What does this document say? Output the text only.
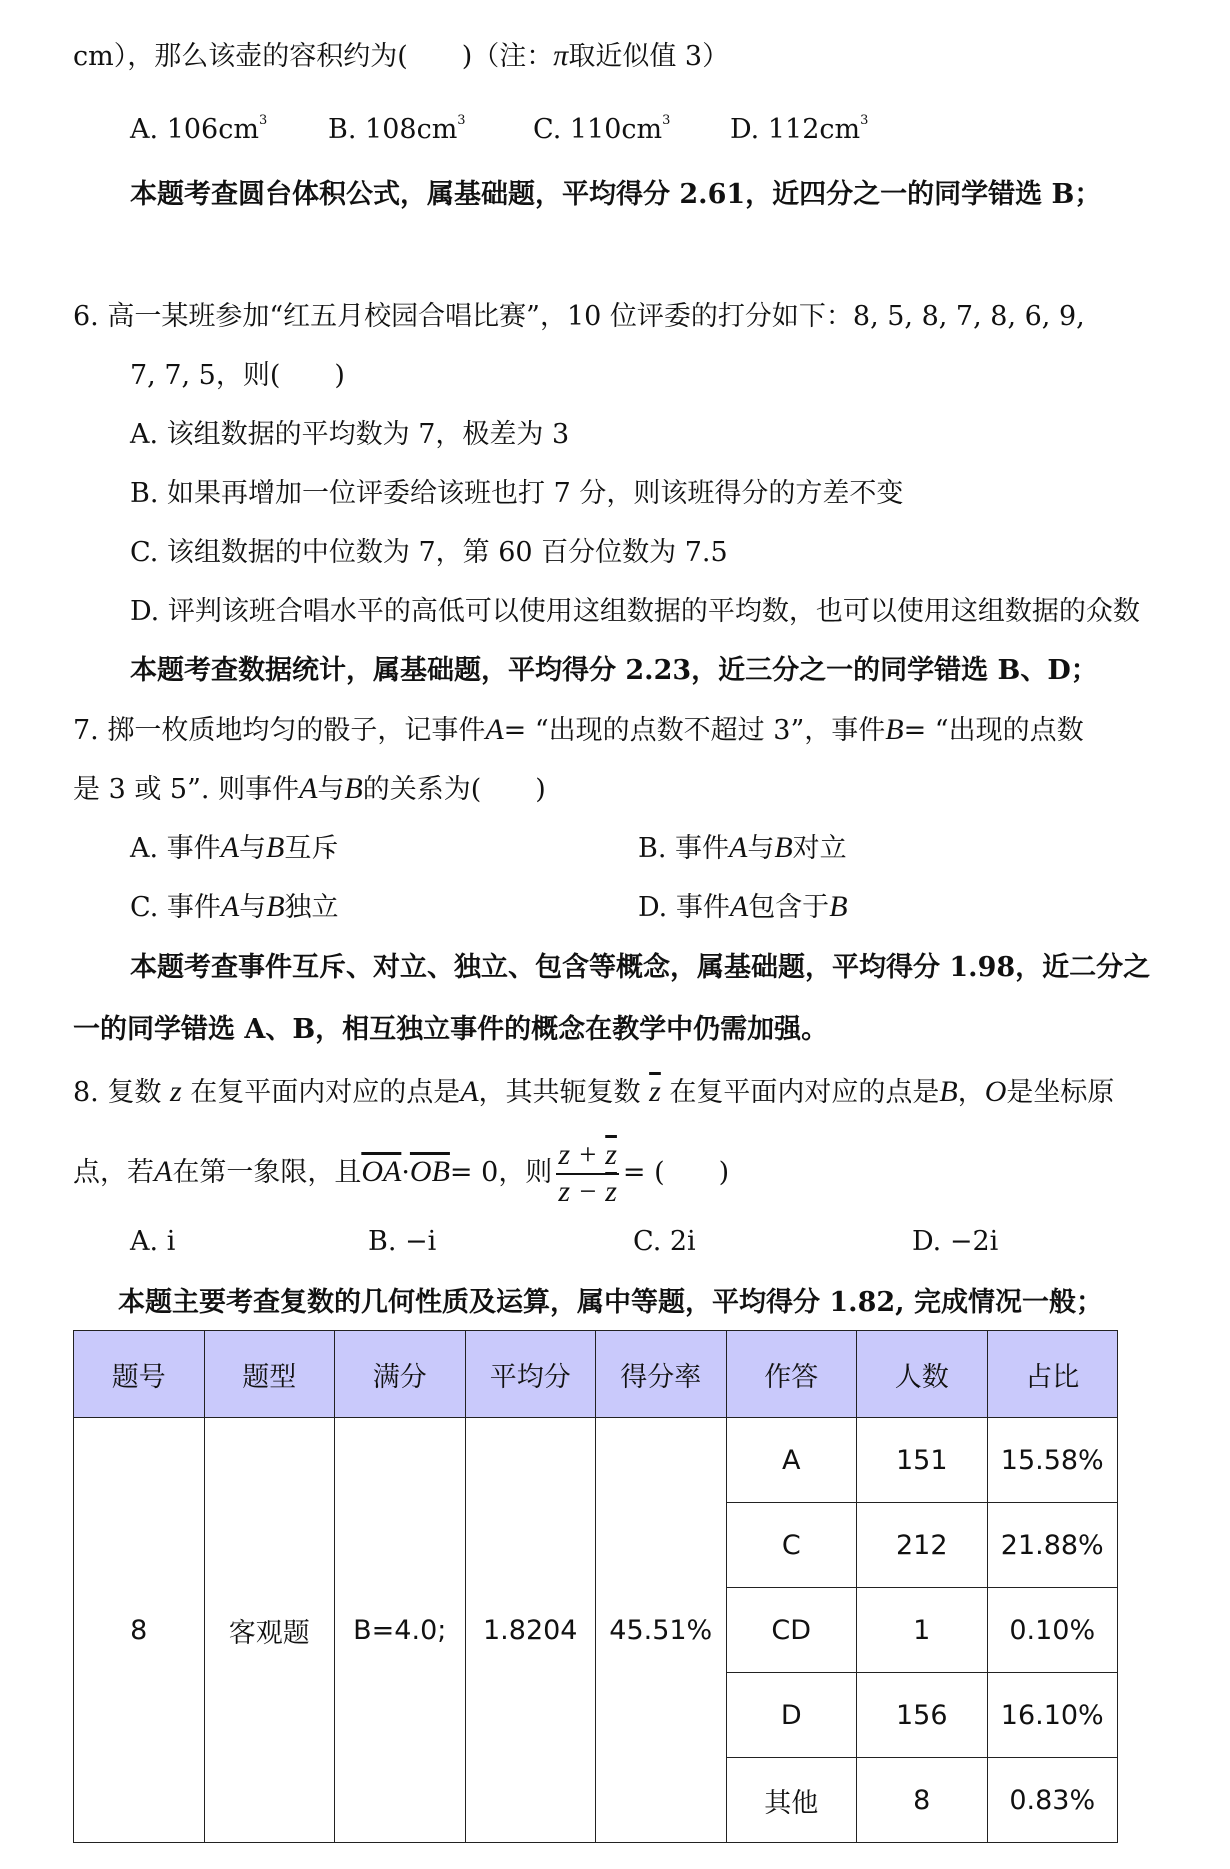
cm），那么该壶的容积约为(　　)（注：π取近似值 3）
A. $106cm^3$ B. $108cm^3$ C. $110cm^3$ D. $112cm^3$
本题考查圆台体积公式，属基础题，平均得分 2.61，近四分之一的同学错选 B；
6. 高一某班参加“红五月校园合唱比赛”，10 位评委的打分如下：8, 5, 8, 7, 8, 6, 9,
7, 7, 5，则(　　)
A. 该组数据的平均数为 7，极差为 3
B. 如果再增加一位评委给该班也打 7 分，则该班得分的方差不变
C. 该组数据的中位数为 7，第 60 百分位数为 7.5
D. 评判该班合唱水平的高低可以使用这组数据的平均数，也可以使用这组数据的众数
本题考查数据统计，属基础题，平均得分 2.23，近三分之一的同学错选 B、D；
7. 掷一枚质地均匀的骰子，记事件A= “出现的点数不超过 3”，事件B= “出现的点数
是 3 或 5”. 则事件A与B的关系为(　　)
A. 事件A与B互斥	B. 事件A与B对立
C. 事件A与B独立	D. 事件A包含于B
本题考查事件互斥、对立、独立、包含等概念，属基础题，平均得分 1.98，近二分之
一的同学错选 A、B，相互独立事件的概念在教学中仍需加强。
8. 复数 z 在复平面内对应的点是A，其共轭复数 $\overline{z}$ 在复平面内对应的点是B，O是坐标原
点，若A在第一象限，且$\overline{OA}\cdot\overline{OB}= 0$，则 $\frac{z + \overline{z}}{z - \overline{z}}$ = (　　)
A. i	B. −i	C. 2i	D. −2i
本题主要考查复数的几何性质及运算，属中等题，平均得分 1.82, 完成情况一般；
题号	题型	满分	平均分	得分率	作答	人数	占比
8	客观题	B=4.0;	1.8204	45.51%	A	151	15.58%
					C	212	21.88%
					CD	1	0.10%
					D	156	16.10%
					其他	8	0.83%
